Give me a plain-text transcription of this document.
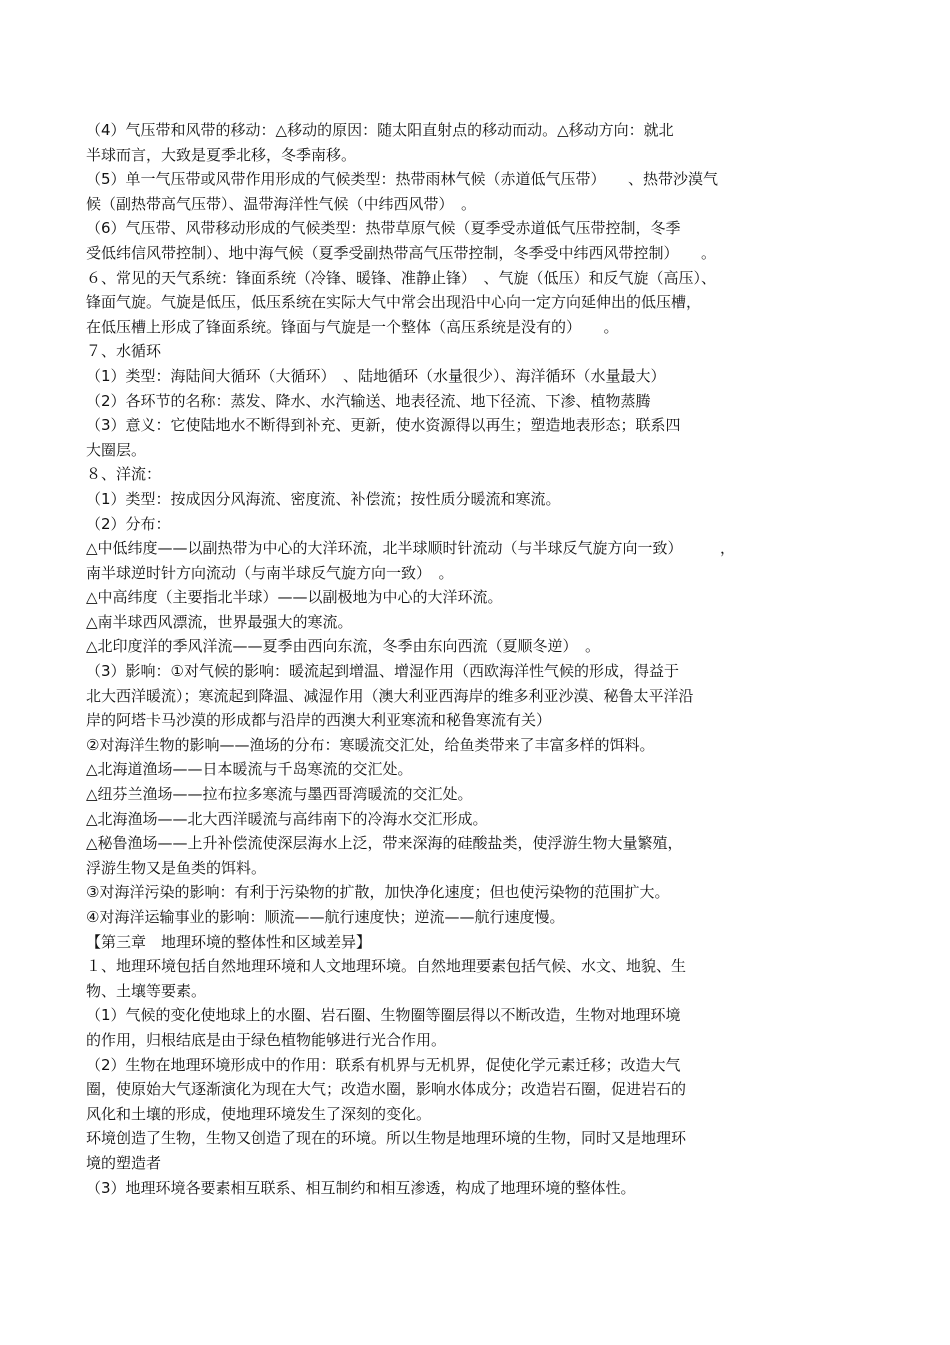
（4）气压带和风带的移动：△移动的原因：随太阳直射点的移动而动。△移动方向：就北
半球而言，大致是夏季北移，冬季南移。
（5）单一气压带或风带作用形成的气候类型：热带雨林气候（赤道低气压带）　　、热带沙漠气
候（副热带高气压带）、温带海洋性气候（中纬西风带）　。
（6）气压带、风带移动形成的气候类型：热带草原气候（夏季受赤道低气压带控制，冬季
受低纬信风带控制）、地中海气候（夏季受副热带高气压带控制，冬季受中纬西风带控制）　　。
６、常见的天气系统：锋面系统（冷锋、暖锋、准静止锋）　、气旋（低压）和反气旋（高压）、
锋面气旋。气旋是低压，低压系统在实际大气中常会出现沿中心向一定方向延伸出的低压槽，
在低压槽上形成了锋面系统。锋面与气旋是一个整体（高压系统是没有的）　　。
７、水循环
（1）类型：海陆间大循环（大循环）　、陆地循环（水量很少）、海洋循环（水量最大）
（2）各环节的名称：蒸发、降水、水汽输送、地表径流、地下径流、下渗、植物蒸腾
（3）意义：它使陆地水不断得到补充、更新，使水资源得以再生；塑造地表形态；联系四
大圈层。
８、洋流：
（1）类型：按成因分风海流、密度流、补偿流；按性质分暖流和寒流。
（2）分布：
△中低纬度——以副热带为中心的大洋环流，北半球顺时针流动（与半球反气旋方向一致）　　　，
南半球逆时针方向流动（与南半球反气旋方向一致）　。
△中高纬度（主要指北半球）——以副极地为中心的大洋环流。
△南半球西风漂流，世界最强大的寒流。
△北印度洋的季风洋流——夏季由西向东流，冬季由东向西流（夏顺冬逆）　。
（3）影响：①对气候的影响：暖流起到增温、增湿作用（西欧海洋性气候的形成，得益于
北大西洋暖流）；寒流起到降温、减湿作用（澳大利亚西海岸的维多利亚沙漠、秘鲁太平洋沿
岸的阿塔卡马沙漠的形成都与沿岸的西澳大利亚寒流和秘鲁寒流有关）
②对海洋生物的影响——渔场的分布：寒暖流交汇处，给鱼类带来了丰富多样的饵料。
△北海道渔场——日本暖流与千岛寒流的交汇处。
△纽芬兰渔场——拉布拉多寒流与墨西哥湾暖流的交汇处。
△北海渔场——北大西洋暖流与高纬南下的冷海水交汇形成。
△秘鲁渔场——上升补偿流使深层海水上泛，带来深海的硅酸盐类，使浮游生物大量繁殖，
浮游生物又是鱼类的饵料。
③对海洋污染的影响：有利于污染物的扩散，加快净化速度；但也使污染物的范围扩大。
④对海洋运输事业的影响：顺流——航行速度快；逆流——航行速度慢。
【第三章　地理环境的整体性和区域差异】
１、地理环境包括自然地理环境和人文地理环境。自然地理要素包括气候、水文、地貌、生
物、土壤等要素。
（1）气候的变化使地球上的水圈、岩石圈、生物圈等圈层得以不断改造，生物对地理环境
的作用，归根结底是由于绿色植物能够进行光合作用。
（2）生物在地理环境形成中的作用：联系有机界与无机界，促使化学元素迁移；改造大气
圈，使原始大气逐渐演化为现在大气；改造水圈，影响水体成分；改造岩石圈，促进岩石的
风化和土壤的形成，使地理环境发生了深刻的变化。
环境创造了生物，生物又创造了现在的环境。所以生物是地理环境的生物，同时又是地理环
境的塑造者
（3）地理环境各要素相互联系、相互制约和相互渗透，构成了地理环境的整体性。
